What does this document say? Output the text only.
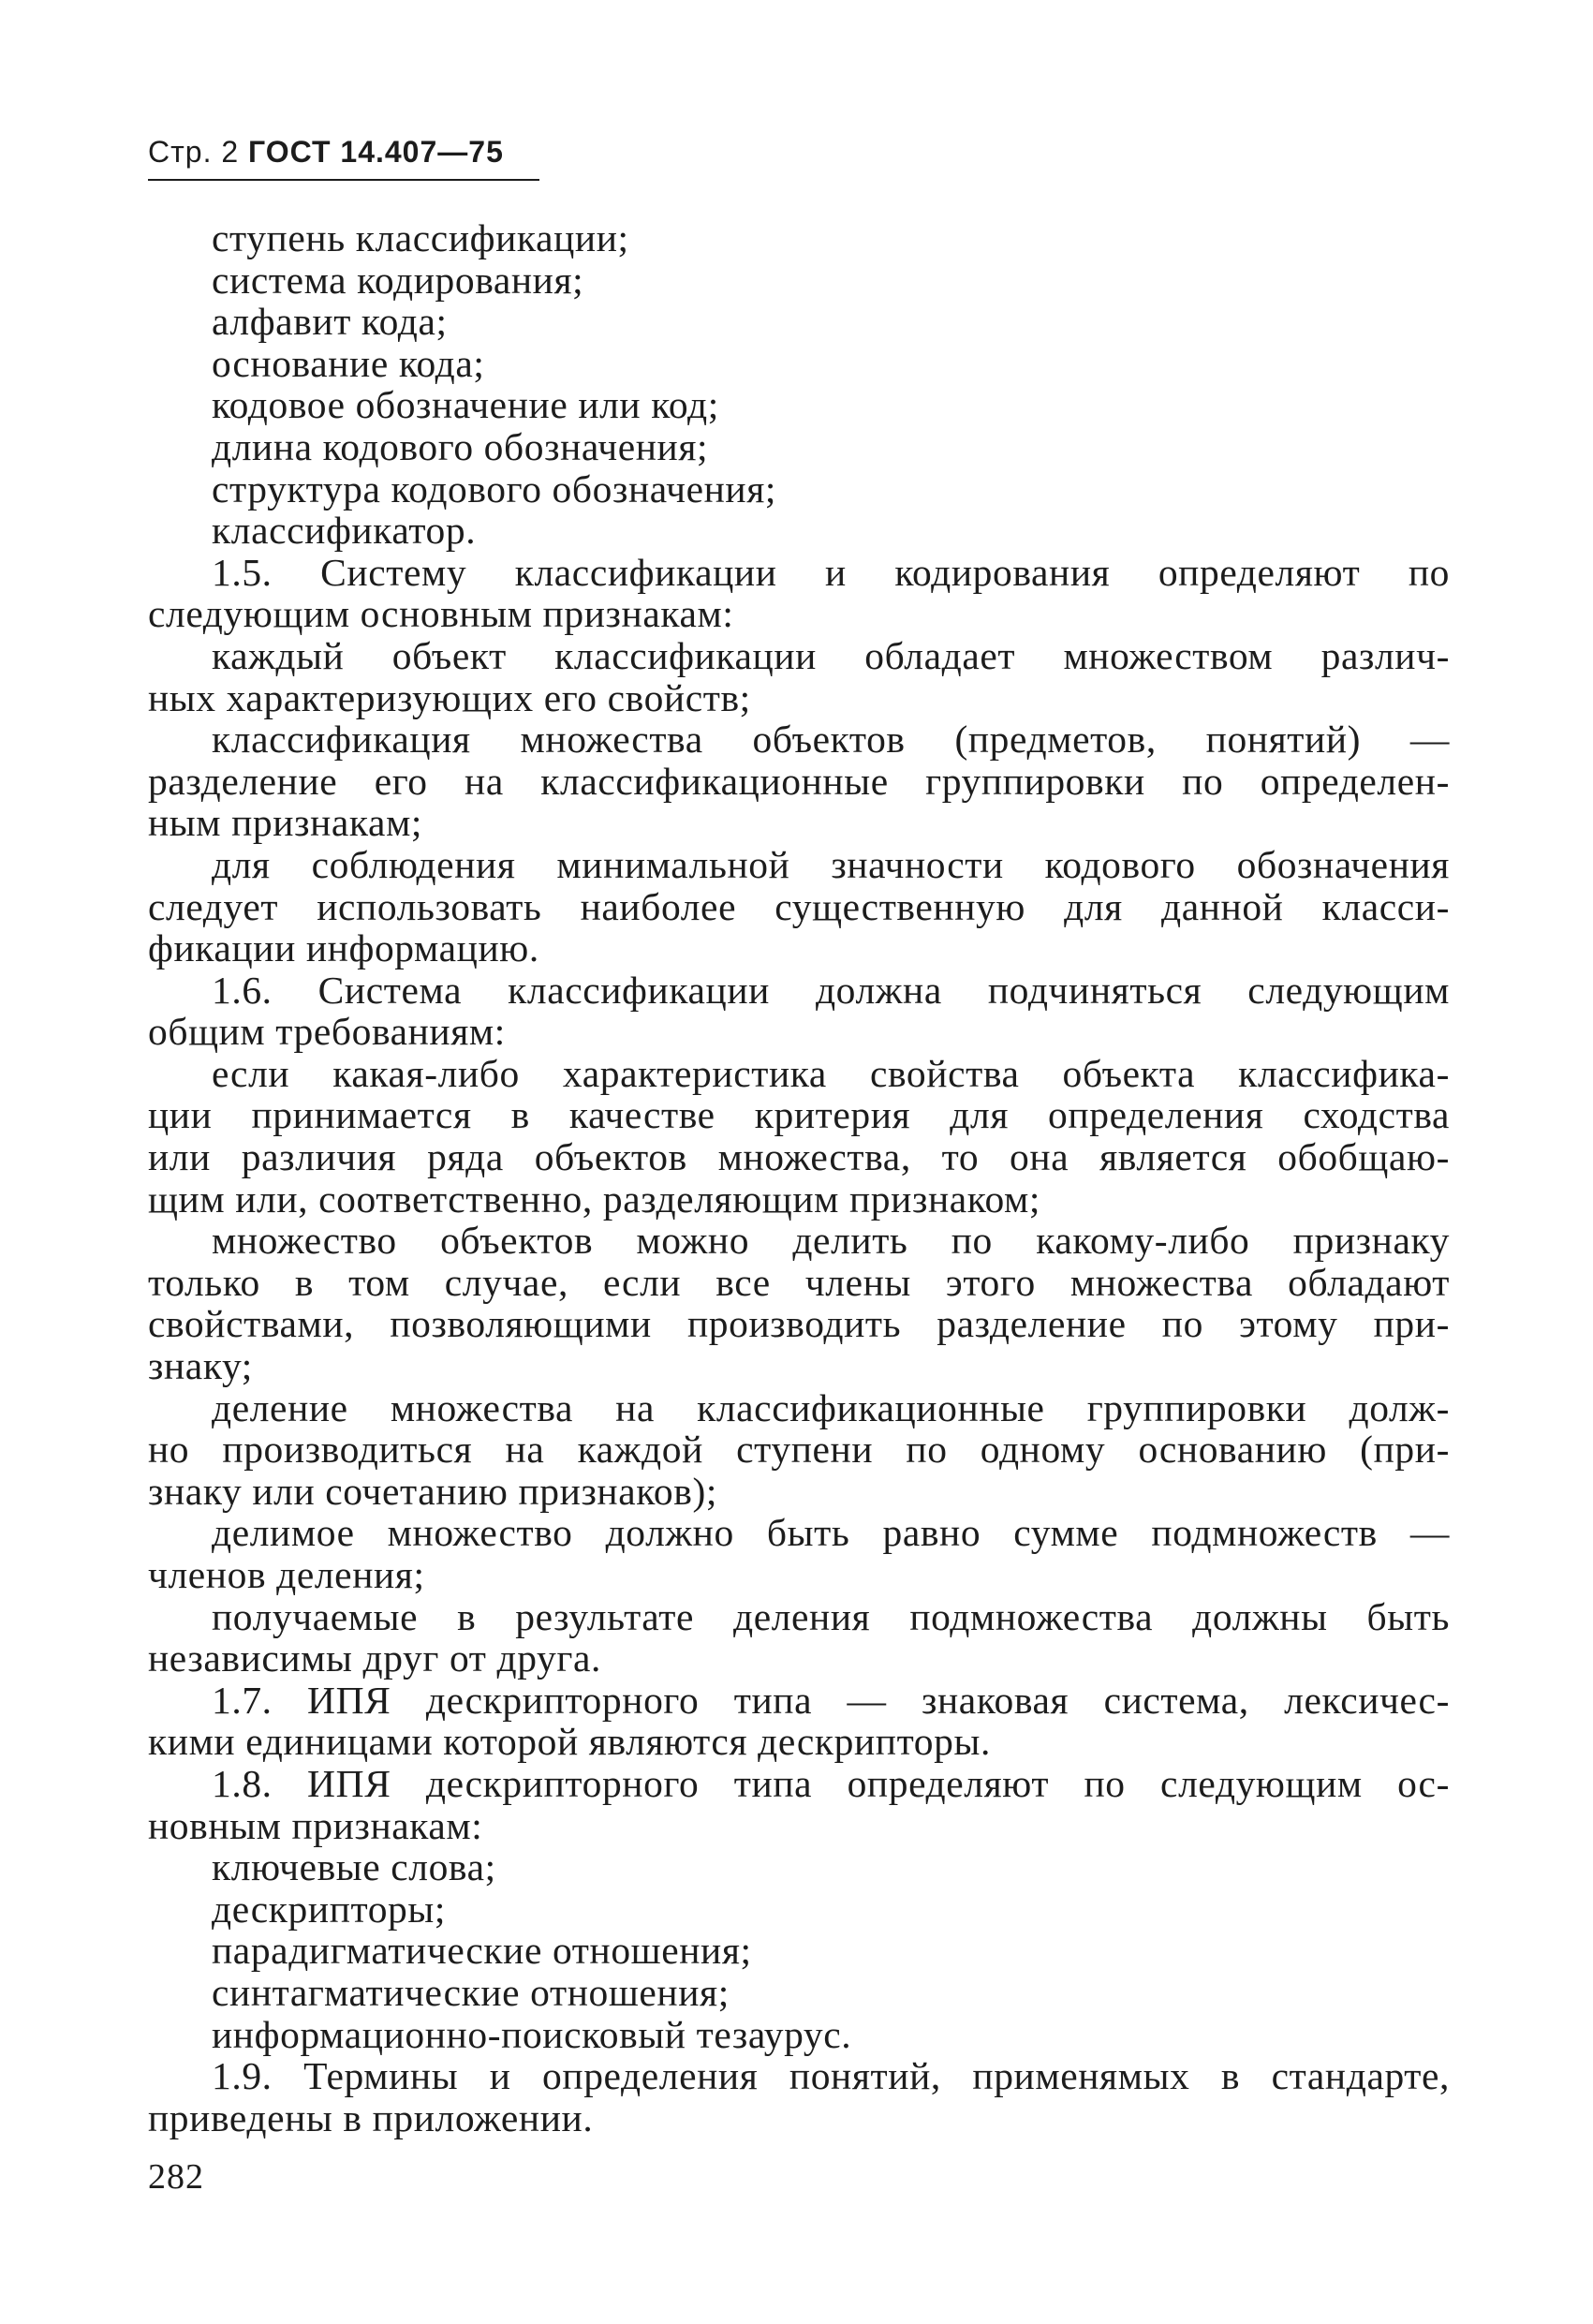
Стр. 2 ГОСТ 14.407—75
ступень классификации;
система кодирования;
алфавит кода;
основание кода;
кодовое обозначение или код;
длина кодового обозначения;
структура кодового обозначения;
классификатор.
1.5. Систему классификации и кодирования определяют по
следующим основным признакам:
каждый объект классификации обладает множеством различ-
ных характеризующих его свойств;
классификация множества объектов (предметов, понятий) —
разделение его на классификационные группировки по определен-
ным признакам;
для соблюдения минимальной значности кодового обозначения
следует использовать наиболее существенную для данной класси-
фикации информацию.
1.6. Система классификации должна подчиняться следующим
общим требованиям:
если какая-либо характеристика свойства объекта классифика-
ции принимается в качестве критерия для определения сходства
или различия ряда объектов множества, то она является обобщаю-
щим или, соответственно, разделяющим признаком;
множество объектов можно делить по какому-либо признаку
только в том случае, если все члены этого множества обладают
свойствами, позволяющими производить разделение по этому при-
знаку;
деление множества на классификационные группировки долж-
но производиться на каждой ступени по одному основанию (при-
знаку или сочетанию признаков);
делимое множество должно быть равно сумме подмножеств —
членов деления;
получаемые в результате деления подмножества должны быть
независимы друг от друга.
1.7. ИПЯ дескрипторного типа — знаковая система, лексичес-
кими единицами которой являются дескрипторы.
1.8. ИПЯ дескрипторного типа определяют по следующим ос-
новным признакам:
ключевые слова;
дескрипторы;
парадигматические отношения;
синтагматические отношения;
информационно-поисковый тезаурус.
1.9. Термины и определения понятий, применямых в стандарте,
приведены в приложении.
282
